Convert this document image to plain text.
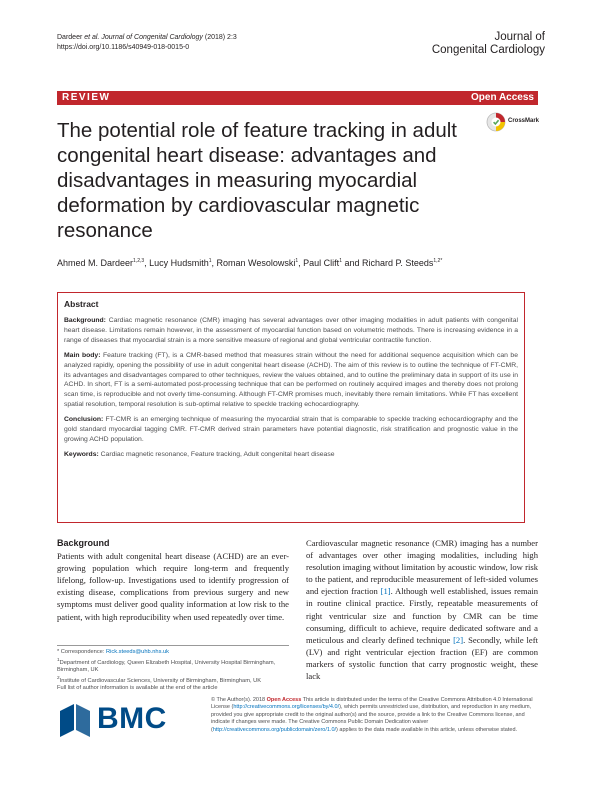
Dardeer et al. Journal of Congenital Cardiology (2018) 2:3
https://doi.org/10.1186/s40949-018-0015-0
Journal of
Congenital Cardiology
REVIEW	Open Access
The potential role of feature tracking in adult congenital heart disease: advantages and disadvantages in measuring myocardial deformation by cardiovascular magnetic resonance
CrossMark
Ahmed M. Dardeer$^{1,2,3}$, Lucy Hudsmith$^1$, Roman Wesolowski$^1$, Paul Clift$^1$ and Richard P. Steeds$^{1,2*}$
Abstract

Background: Cardiac magnetic resonance (CMR) imaging has several advantages over other imaging modalities in adult patients with congenital heart disease. Limitations remain however, in the assessment of myocardial function based on volumetric methods. There is increasing evidence in a range of diseases that myocardial strain is a more sensitive measure of regional and global ventricular contractile function.

Main body: Feature tracking (FT), is a CMR-based method that measures strain without the need for additional sequence acquisition which can be analyzed rapidly, opening the possibility of use in adult congenital heart disease (ACHD). The aim of this review is to outline the technique of FT-CMR, its advantages and disadvantages compared to other techniques, review the values obtained, and to outline the preliminary data in support of its use in ACHD. In short, FT is a semi-automated post-processing technique that can be performed on routinely acquired images and thereby does not prolong scan time, is reproducible and not overly time-consuming. Although FT-CMR promises much, inevitably there remain limitations. While FT has excellent spatial resolution, temporal resolution is sub-optimal relative to speckle tracking echocardiography.

Conclusion: FT-CMR is an emerging technique of measuring the myocardial strain that is comparable to speckle tracking echocardiography and the gold standard myocardial tagging CMR. FT-CMR derived strain parameters have potential diagnostic, risk stratification and prognostic value in the growing ACHD population.

Keywords: Cardiac magnetic resonance, Feature tracking, Adult congenital heart disease

Background

Patients with adult congenital heart disease (ACHD) are an ever-growing population which require long-term and frequently lifelong, follow-up. Investigations used to identify progression of existing disease, complications from previous surgery and new symptoms must deliver good quality information at low risk to the patient, with high reproducibility when used repeatedly over time.

Cardiovascular magnetic resonance (CMR) imaging has a number of advantages over other imaging modalities, including high resolution imaging without limitation by acoustic window, low risk to the patient, and reproducible measurement of left-sided volumes and ejection fraction [1]. Although well established, issues remain in routine clinical practice. Firstly, repeatable measurements of right ventricular size and function by CMR can be time consuming, difficult to achieve, require dedicated software and a meticulous and clearly defined technique [2]. Secondly, while left (LV) and right ventricular ejection fraction (EF) are common markers of systolic function that carry prognostic weight, these lack

* Correspondence: Rick.steeds@uhb.nhs.uk

$^1$Department of Cardiology, Queen Elizabeth Hospital, University Hospital Birmingham, Birmingham, UK

$^2$Institute of Cardiovascular Sciences, University of Birmingham, Birmingham, UK

Full list of author information is available at the end of the article

BMC
© The Author(s). 2018 Open Access This article is distributed under the terms of the Creative Commons Attribution 4.0 International License (http://creativecommons.org/licenses/by/4.0/), which permits unrestricted use, distribution, and reproduction in any medium, provided you give appropriate credit to the original author(s) and the source, provide a link to the Creative Commons license, and indicate if changes were made. The Creative Commons Public Domain Dedication waiver (http://creativecommons.org/publicdomain/zero/1.0/) applies to the data made available in this article, unless otherwise stated.
